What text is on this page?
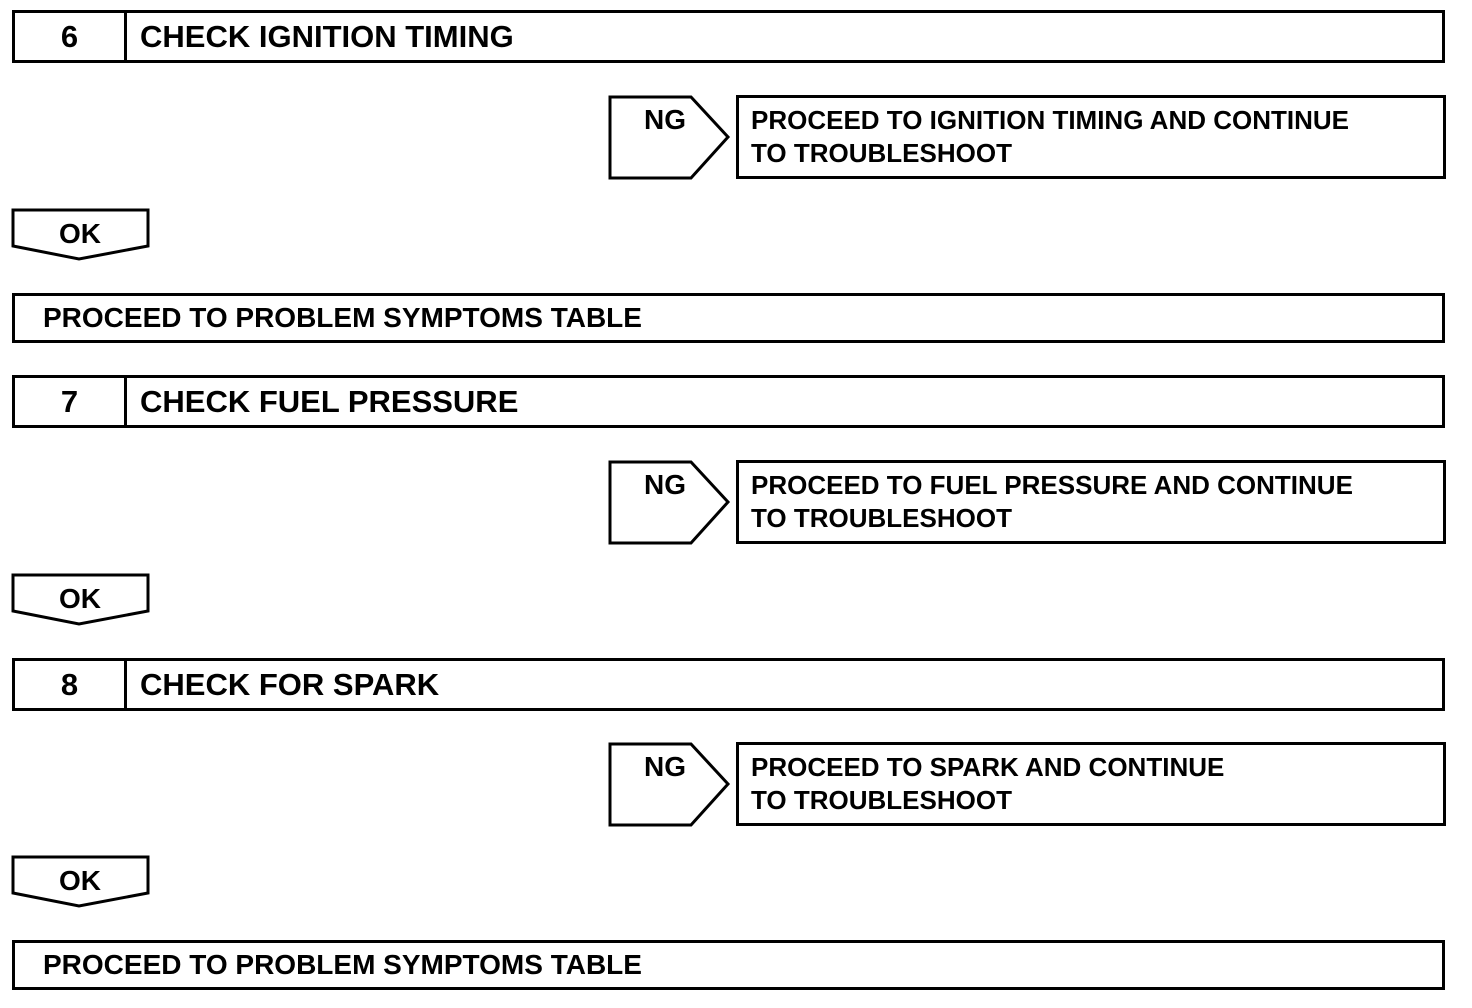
6	CHECK IGNITION TIMING
NG	PROCEED TO IGNITION TIMING AND CONTINUE
TO TROUBLESHOOT
OK
PROCEED TO PROBLEM SYMPTOMS TABLE
7	CHECK FUEL PRESSURE
NG	PROCEED TO FUEL PRESSURE AND CONTINUE
TO TROUBLESHOOT
OK
8	CHECK FOR SPARK
NG	PROCEED TO SPARK AND CONTINUE
TO TROUBLESHOOT
OK
PROCEED TO PROBLEM SYMPTOMS TABLE
